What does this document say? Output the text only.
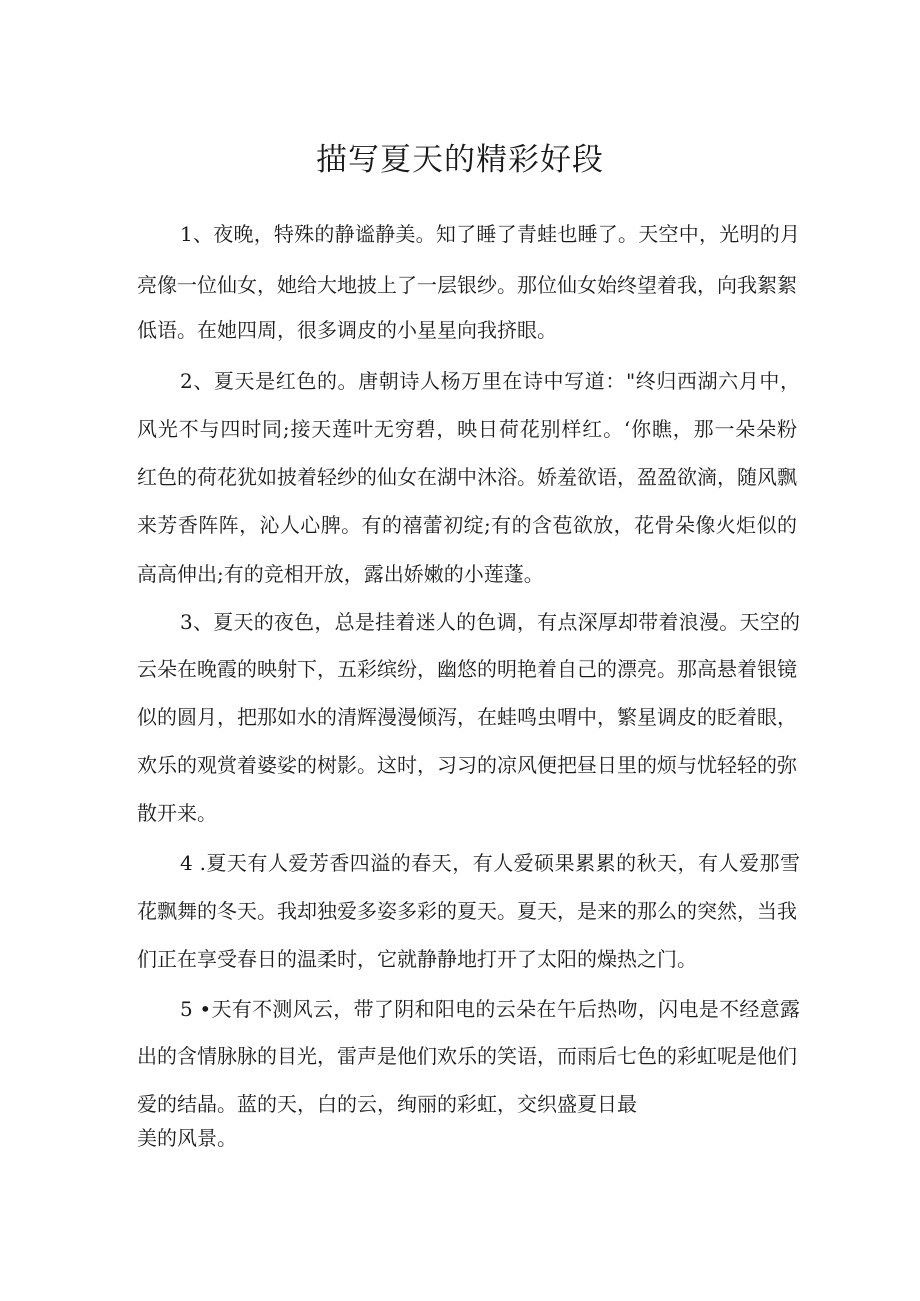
描写夏天的精彩好段

1、夜晚，特殊的静谧静美。知了睡了青蛙也睡了。天空中，光明的月

亮像一位仙女，她给大地披上了一层银纱。那位仙女始终望着我，向我絮絮

低语。在她四周，很多调皮的小星星向我挤眼。

2、夏天是红色的。唐朝诗人杨万里在诗中写道："终归西湖六月中，

风光不与四时同;接天莲叶无穷碧，映日荷花别样红。‘你瞧，那一朵朵粉

红色的荷花犹如披着轻纱的仙女在湖中沐浴。娇羞欲语，盈盈欲滴，随风飘

来芳香阵阵，沁人心脾。有的禧蕾初绽;有的含苞欲放，花骨朵像火炬似的

高高伸出;有的竞相开放，露出娇嫩的小莲蓬。

3、夏天的夜色，总是挂着迷人的色调，有点深厚却带着浪漫。天空的

云朵在晚霞的映射下，五彩缤纷，幽悠的明艳着自己的漂亮。那高悬着银镜

似的圆月，把那如水的清辉漫漫倾泻，在蛙鸣虫喟中，繁星调皮的眨着眼，

欢乐的观赏着婆娑的树影。这时，习习的凉风便把昼日里的烦与忧轻轻的弥

散开来。

4 .夏天有人爱芳香四溢的春天，有人爱硕果累累的秋天，有人爱那雪

花飘舞的冬天。我却独爱多姿多彩的夏天。夏天，是来的那么的突然，当我

们正在享受春日的温柔时，它就静静地打开了太阳的燥热之门。

5 •天有不测风云，带了阴和阳电的云朵在午后热吻，闪电是不经意露

出的含情脉脉的目光，雷声是他们欢乐的笑语，而雨后七色的彩虹呢是他们

爱的结晶。蓝的天，白的云，绚丽的彩虹，交织盛夏日最

美的风景。
